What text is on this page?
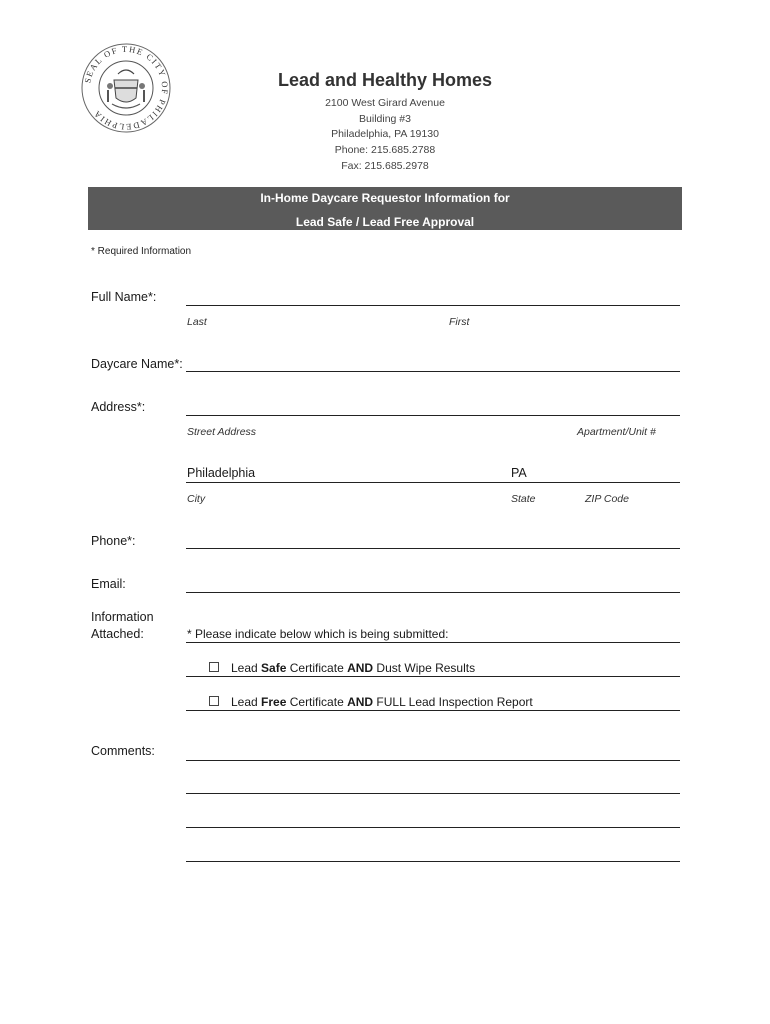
SEAL OF THE CITY OF PHILADELPHIA
Lead and Healthy Homes
2100 West Girard Avenue
Building #3
Philadelphia, PA 19130
Phone: 215.685.2788
Fax: 215.685.2978
In-Home Daycare Requestor Information for
Lead Safe / Lead Free Approval
* Required Information
Full Name*:
Last	First
Daycare Name*:
Address*:
Street Address	Apartment/Unit #
Philadelphia	PA
City	State	ZIP Code
Phone*:
Email:
Information
Attached:	* Please indicate below which is being submitted:
Lead Safe Certificate AND Dust Wipe Results
Lead Free Certificate AND FULL Lead Inspection Report
Comments:
